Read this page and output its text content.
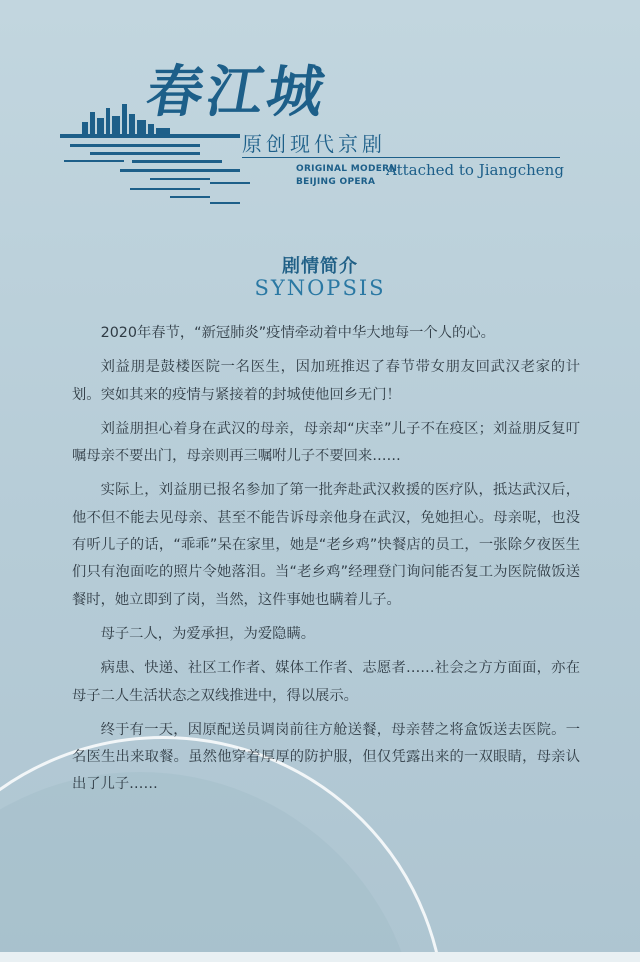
春江城
原创现代京剧
ORIGINAL MODERN
BEIJING OPERA
Attached to Jiangcheng
剧情简介
SYNOPSIS

2020年春节，“新冠肺炎”疫情牵动着中华大地每一个人的心。

刘益朋是鼓楼医院一名医生，因加班推迟了春节带女朋友回武汉老家的计划。突如其来的疫情与紧接着的封城使他回乡无门！

刘益朋担心着身在武汉的母亲，母亲却“庆幸”儿子不在疫区；刘益朋反复叮嘱母亲不要出门，母亲则再三嘱咐儿子不要回来……

实际上，刘益朋已报名参加了第一批奔赴武汉救援的医疗队，抵达武汉后，他不但不能去见母亲、甚至不能告诉母亲他身在武汉，免她担心。母亲呢，也没有听儿子的话，“乖乖”呆在家里，她是“老乡鸡”快餐店的员工，一张除夕夜医生们只有泡面吃的照片令她落泪。当“老乡鸡”经理登门询问能否复工为医院做饭送餐时，她立即到了岗，当然，这件事她也瞒着儿子。

母子二人，为爱承担，为爱隐瞒。

病患、快递、社区工作者、媒体工作者、志愿者……社会之方方面面，亦在母子二人生活状态之双线推进中，得以展示。

终于有一天，因原配送员调岗前往方舱送餐，母亲替之将盒饭送去医院。一名医生出来取餐。虽然他穿着厚厚的防护服，但仅凭露出来的一双眼睛，母亲认出了儿子……
